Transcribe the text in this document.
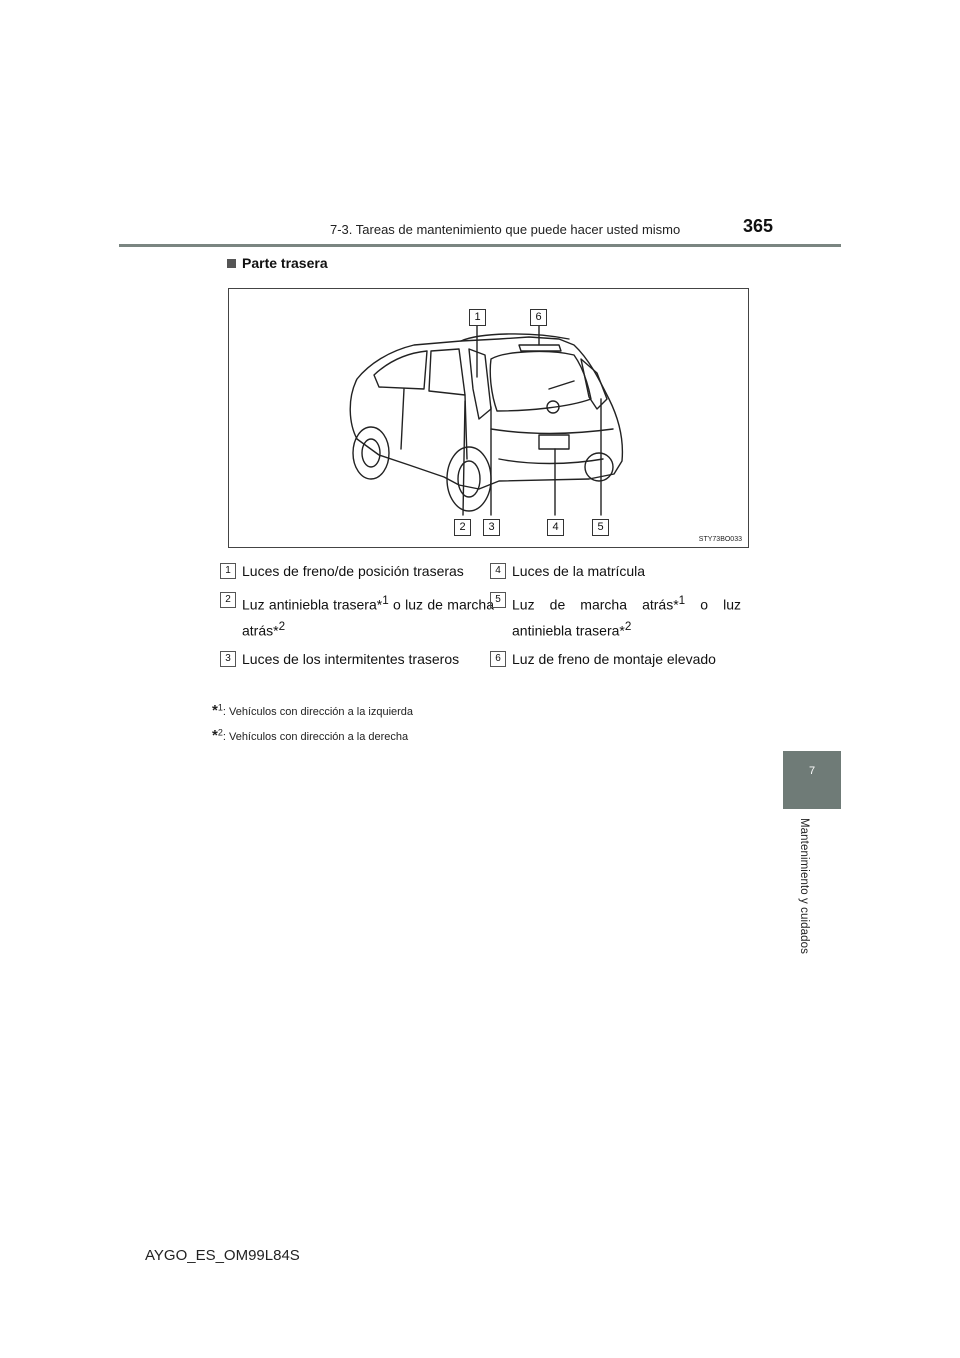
7-3. Tareas de mantenimiento que puede hacer usted mismo	365
7
Mantenimiento y cuidados
Parte trasera
1	6
2	3	4	5
STY73BO033
1 Luces de freno/de posición traseras
2 Luz antiniebla trasera*$^1$ o luz de marcha atrás*$^2$
3 Luces de los intermitentes traseros
4 Luces de la matrícula
5 Luz de marcha atrás*$^1$ o luz antiniebla trasera*$^2$
6 Luz de freno de montaje elevado
*$^1$: Vehículos con dirección a la izquierda
*$^2$: Vehículos con dirección a la derecha
AYGO_ES_OM99L84S
